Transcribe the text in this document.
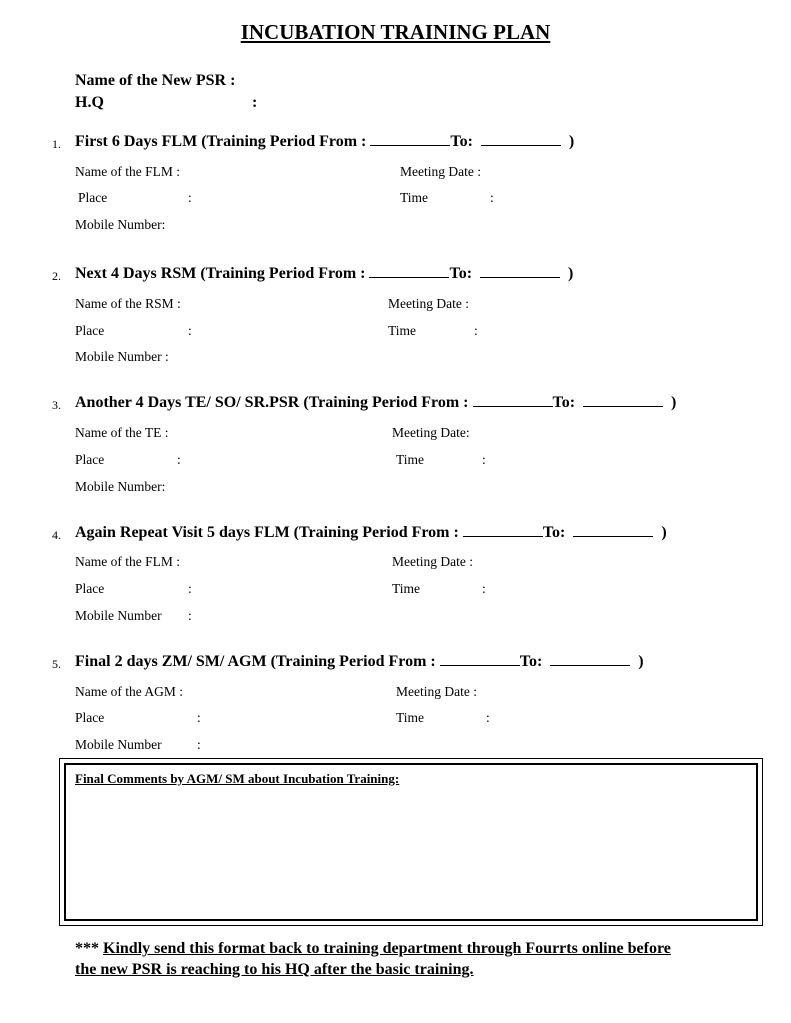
INCUBATION TRAINING PLAN
Name of the New PSR :
H.Q	:
1. First 6 Days FLM (Training Period From :	To:	)
Name of the FLM :	Meeting Date :
Place	:	Time	:
Mobile Number:
2. Next 4 Days RSM (Training Period From :	To:	)
Name of the RSM :	Meeting Date :
Place	:	Time	:
Mobile Number :
3. Another 4 Days TE/ SO/ SR.PSR (Training Period From :	To:	)
Name of the TE :	Meeting Date:
Place	:	Time	:
Mobile Number:
4. Again Repeat Visit 5 days FLM (Training Period From :	To:	)
Name of the FLM :	Meeting Date :
Place	:	Time	:
Mobile Number :
5. Final 2 days ZM/ SM/ AGM (Training Period From :	To:	)
Name of the AGM :	Meeting Date :
Place	:	Time	:
Mobile Number	:
Final Comments by AGM/ SM about Incubation Training:
*** Kindly send this format back to training department through Fourrts online before
the new PSR is reaching to his HQ after the basic training.
